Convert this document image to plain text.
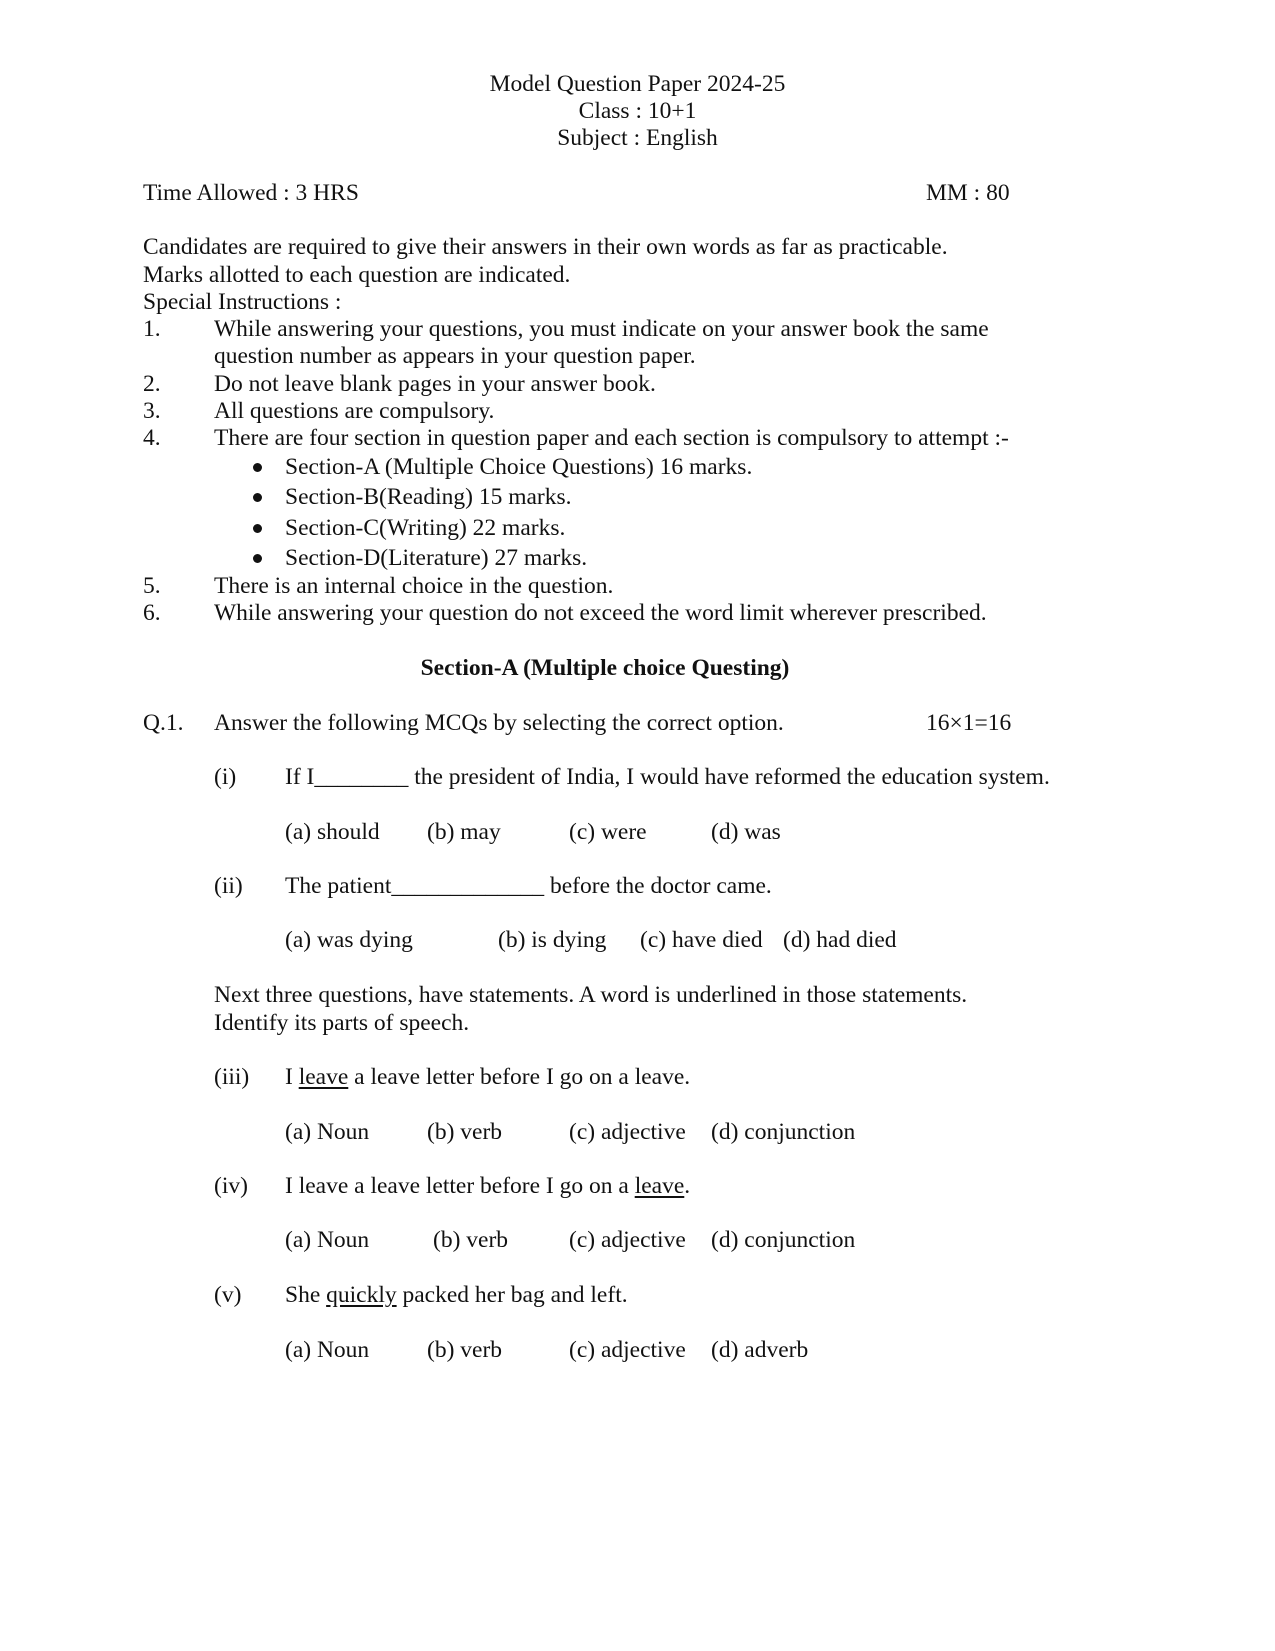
Model Question Paper 2024-25
Class : 10+1
Subject : English
Time Allowed : 3 HRS	MM : 80
Candidates are required to give their answers in their own words as far as practicable.
Marks allotted to each question are indicated.
Special Instructions :
1. While answering your questions, you must indicate on your answer book the same
question number as appears in your question paper.
2. Do not leave blank pages in your answer book.
3. All questions are compulsory.
4. There are four section in question paper and each section is compulsory to attempt :-
Section-A (Multiple Choice Questions) 16 marks.
Section-B(Reading) 15 marks.
Section-C(Writing) 22 marks.
Section-D(Literature) 27 marks.
5. There is an internal choice in the question.
6. While answering your question do not exceed the word limit wherever prescribed.
Section-A (Multiple choice Questing)
Q.1. Answer the following MCQs by selecting the correct option.	16×1=16
(i) If I________ the president of India, I would have reformed the education system.
(a) should (b) may	(c) were	(d) was
(ii) The patient_____________ before the doctor came.
(a) was dying	(b) is dying (c) have died (d) had died
Next three questions, have statements. A word is underlined in those statements.
Identify its parts of speech.
(iii) I leave a leave letter before I go on a leave.
(a) Noun (b) verb	(c) adjective (d) conjunction
(iv) I leave a leave letter before I go on a leave.
(a) Noun	(b) verb	(c) adjective (d) conjunction
(v) She quickly packed her bag and left.
(a) Noun (b) verb	(c) adjective (d) adverb
